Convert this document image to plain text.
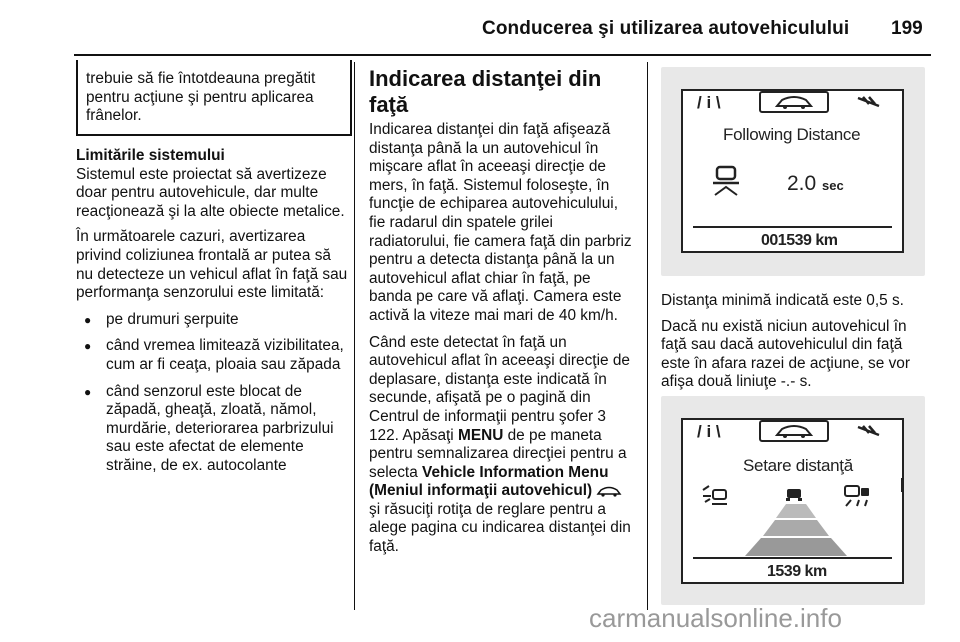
Conducerea şi utilizarea autovehiculului 199
trebuie să fie întotdeauna pregătit pentru acţiune şi pentru aplicarea frânelor.
Limitările sistemului
Sistemul este proiectat să avertizeze doar pentru autovehicule, dar multe reacţionează şi la alte obiecte metalice.
În următoarele cazuri, avertizarea privind coliziunea frontală ar putea să nu detecteze un vehicul aflat în faţă sau performanţa senzorului este limitată:
● pe drumuri şerpuite
● când vremea limitează vizibilitatea, cum ar fi ceaţa, ploaia sau zăpada
● când senzorul este blocat de zăpadă, gheaţă, zloată, nămol, murdărie, deteriorarea parbrizului sau este afectat de elemente străine, de ex. autocolante
Indicarea distanţei din faţă
Indicarea distanţei din faţă afişează distanţa până la un autovehicul în mişcare aflat în aceeaşi direcţie de mers, în faţă. Sistemul foloseşte, în funcţie de echiparea autovehiculului, fie radarul din spatele grilei radiatorului, fie camera faţă din parbriz pentru a detecta distanţa până la un autovehicul aflat chiar în faţă, pe banda pe care vă aflaţi. Camera este activă la viteze mai mari de 40 km/h.
Când este detectat în faţă un autovehicul aflat în aceeaşi direcţie de deplasare, distanţa este indicată în secunde, afişată pe o pagină din Centrul de informaţii pentru şofer 3 122. Apăsaţi MENU de pe maneta pentru semnalizarea direcţiei pentru a selecta Vehicle Information Menu (Meniul informaţii autovehicul)  şi răsuciţi rotiţa de reglare pentru a alege pagina cu indicarea distanţei din faţă.
/ i \
Following Distance
2.0 sec
001539 km
Distanţa minimă indicată este 0,5 s.
Dacă nu există niciun autovehicul în faţă sau dacă autovehiculul din faţă este în afara razei de acţiune, se vor afişa două liniuţe -.- s.
/ i \
Setare distanţă
1539 km
carmanualsonline.info
